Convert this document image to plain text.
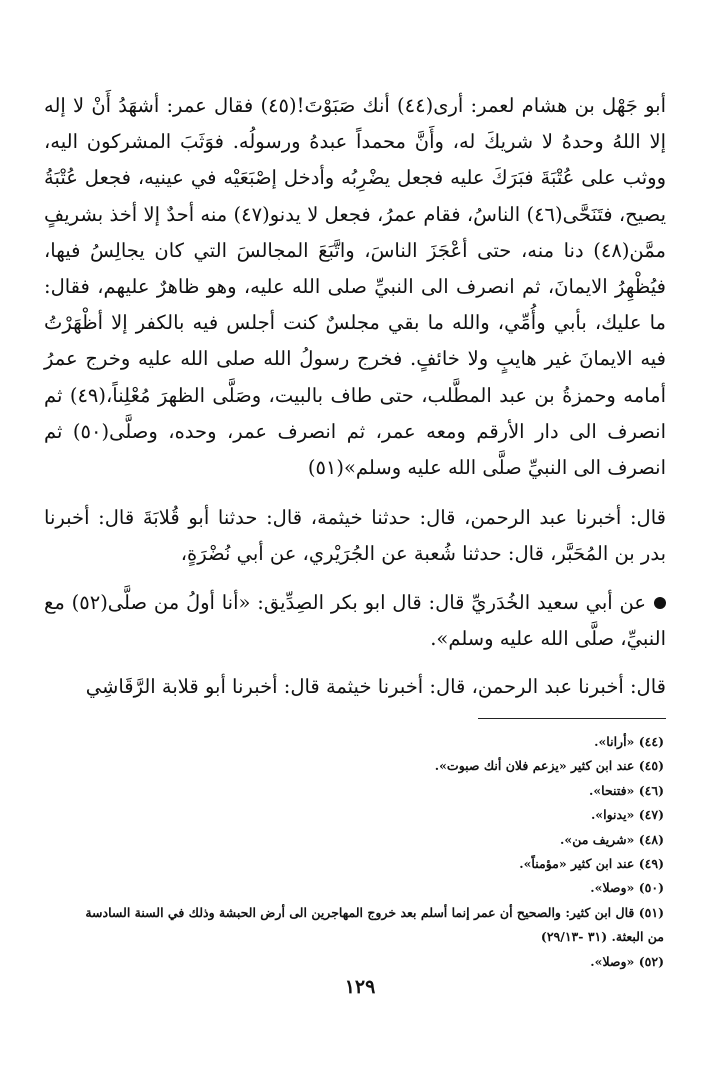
أبو جَهْل بن هشام لعمر: أرى(٤٤) أنك صَبَوْتَ!(٤٥) فقال عمر: أشهَدُ أَنْ لا إله إلا اللهُ وحدهُ لا شريكَ له، وأَنَّ محمداً عبدهُ ورسولُه. فوَثَبَ المشركون اليه، ووثب على عُتْبَةَ فبَرَكَ عليه فجعل يضْرِبُه وأدخل إصْبَعَيْه في عينيه، فجعل عُتْبَةُ يصيح، فتَنَحَّى(٤٦) الناسُ، فقام عمرُ، فجعل لا يدنو(٤٧) منه أحدٌ إلا أخذ بشريفٍ ممَّن(٤٨) دنا منه، حتى أعْجَزَ الناسَ، واتَّبَعَ المجالسَ التي كان يجالِسُ فيها، فيُظْهِرُ الايمانَ، ثم انصرف الى النبيِّ صلى الله عليه، وهو ظاهرٌ عليهم، فقال: ما عليك، بأبي وأُمِّي، والله ما بقي مجلسٌ كنت أجلس فيه بالكفر إلا أظْهَرْتُ فيه الايمانَ غير هايبٍ ولا خائفٍ. فخرج رسولُ الله صلى الله عليه وخرج عمرُ أمامه وحمزةُ بن عبد المطَّلب، حتى طاف بالبيت، وصَلَّى الظهرَ مُعْلِناً،(٤٩) ثم انصرف الى دار الأرقم ومعه عمر، ثم انصرف عمر، وحده، وصلَّى(٥٠) ثم انصرف الى النبيِّ صلَّى الله عليه وسلم»(٥١)

قال: أخبرنا عبد الرحمن، قال: حدثنا خيثمة، قال: حدثنا أبو قُلابَةَ قال: أخبرنا بدر بن المُحَبَّر، قال: حدثنا شُعبة عن الجُرَيْري، عن أبي نُضْرَةٍ،

عن أبي سعيد الخُدَريِّ قال: قال ابو بكر الصِدِّيق: «أنا أولُ من صلَّى(٥٢) مع النبيِّ، صلَّى الله عليه وسلم».

قال: أخبرنا عبد الرحمن، قال: أخبرنا خيثمة قال: أخبرنا أبو قلابة الرَّقَاشِي

(٤٤) «أرانا».
(٤٥) عند ابن كثير «يزعم فلان أنك صبوت».
(٤٦) «فتنحا».
(٤٧) «يدنوا».
(٤٨) «شريف من».
(٤٩) عند ابن كثير «مؤمناً».
(٥٠) «وصلا».
(٥١) قال ابن كثير: والصحيح أن عمر إنما أسلم بعد خروج المهاجرين الى أرض الحبشة وذلك في السنة السادسة
من البعثة. (٣١ -٢٩/١٣)
(٥٢) «وصلا».
١٢٩
